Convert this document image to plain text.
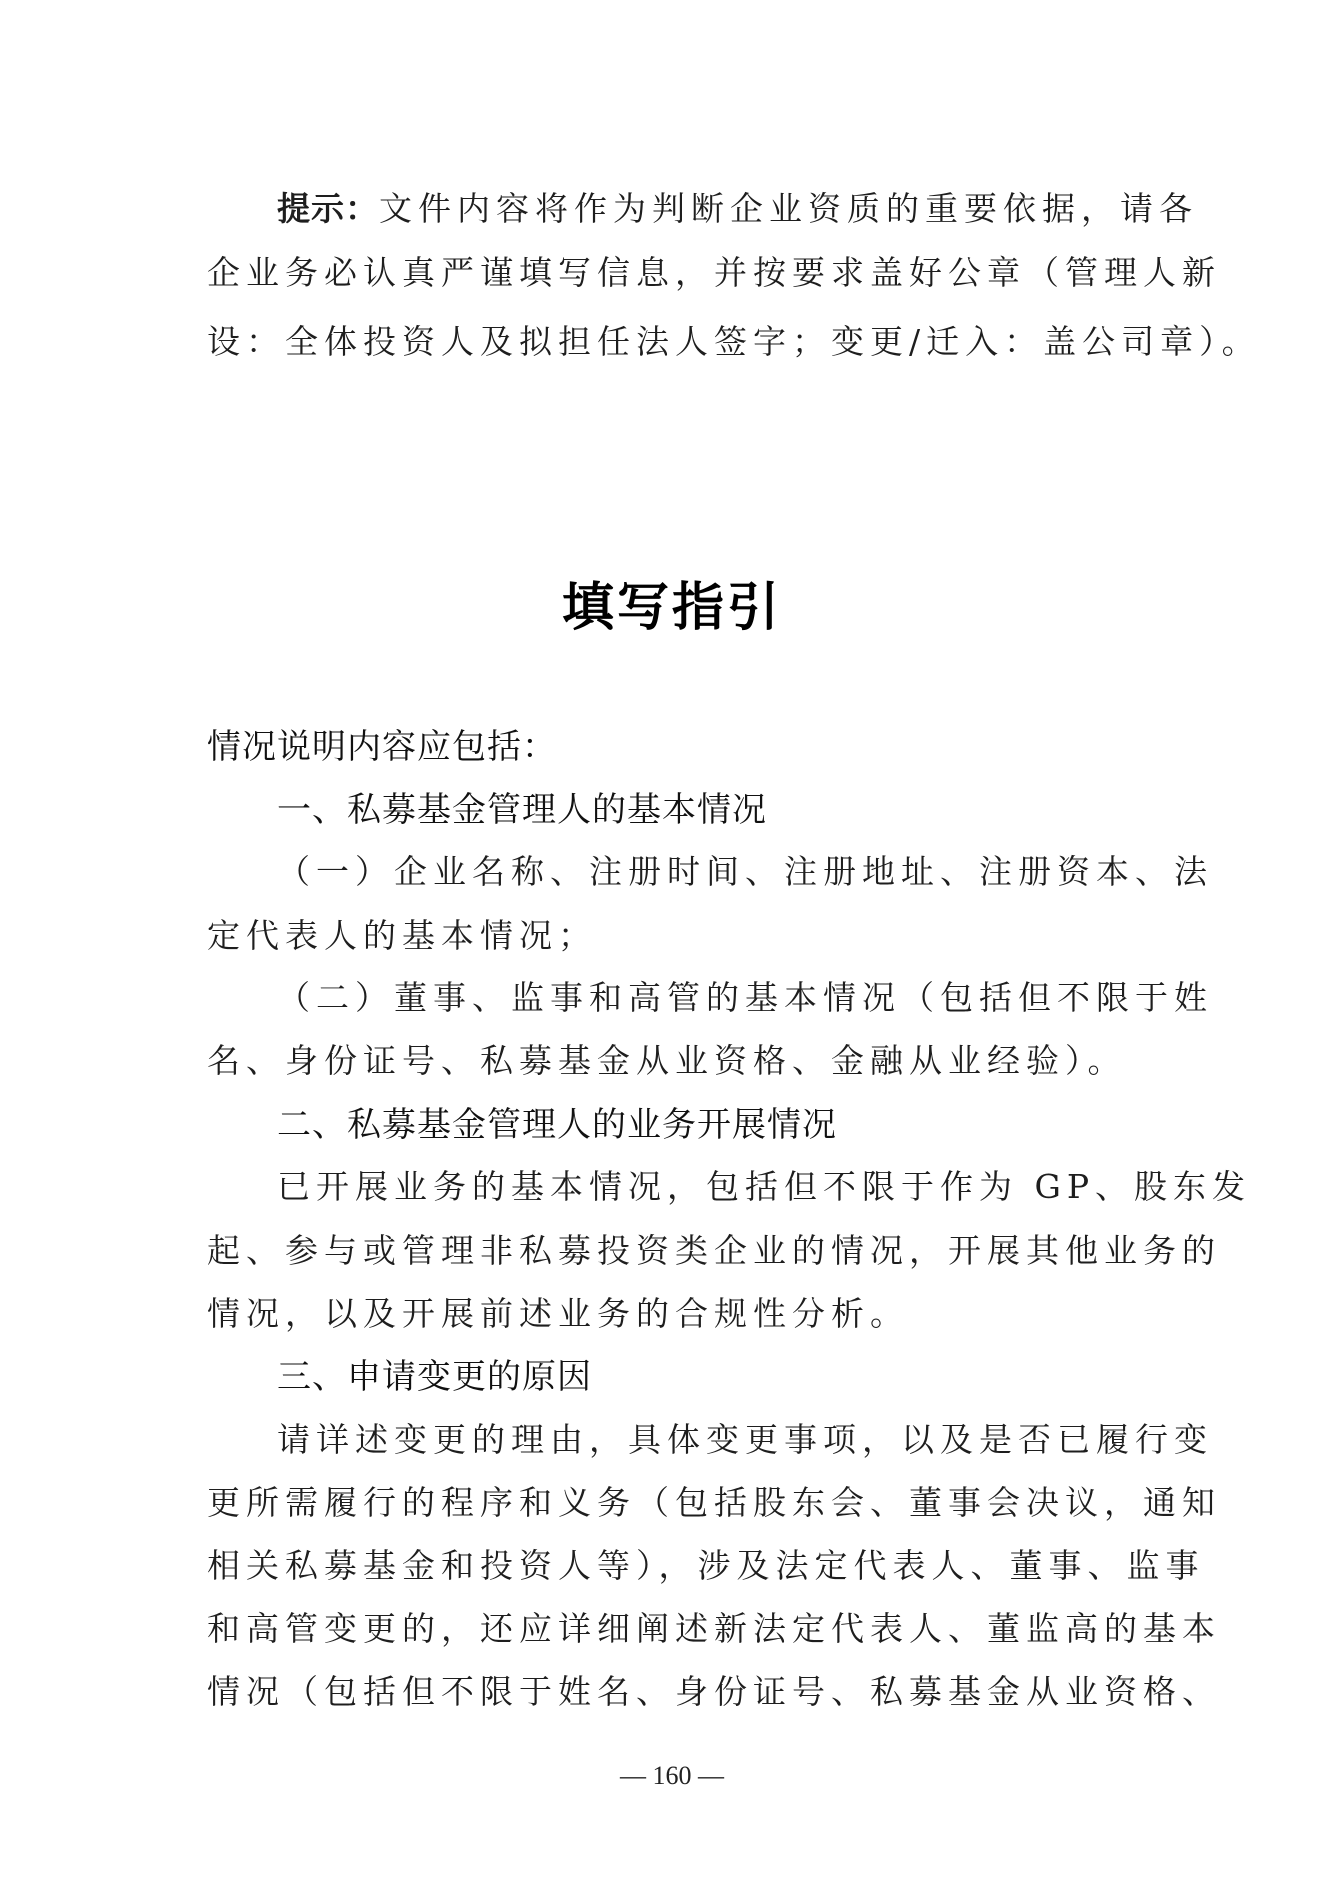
提示：文件内容将作为判断企业资质的重要依据，请各
企业务必认真严谨填写信息，并按要求盖好公章（管理人新
设：全体投资人及拟担任法人签字；变更/迁入：盖公司章）。
填写指引
情况说明内容应包括：
一、私募基金管理人的基本情况
（一）企业名称、注册时间、注册地址、注册资本、法
定代表人的基本情况；
（二）董事、监事和高管的基本情况（包括但不限于姓
名、身份证号、私募基金从业资格、金融从业经验）。
二、私募基金管理人的业务开展情况
已开展业务的基本情况，包括但不限于作为 GP、股东发
起、参与或管理非私募投资类企业的情况，开展其他业务的
情况，以及开展前述业务的合规性分析。
三、申请变更的原因
请详述变更的理由，具体变更事项，以及是否已履行变
更所需履行的程序和义务（包括股东会、董事会决议，通知
相关私募基金和投资人等），涉及法定代表人、董事、监事
和高管变更的，还应详细阐述新法定代表人、董监高的基本
情况（包括但不限于姓名、身份证号、私募基金从业资格、
— 160 —
